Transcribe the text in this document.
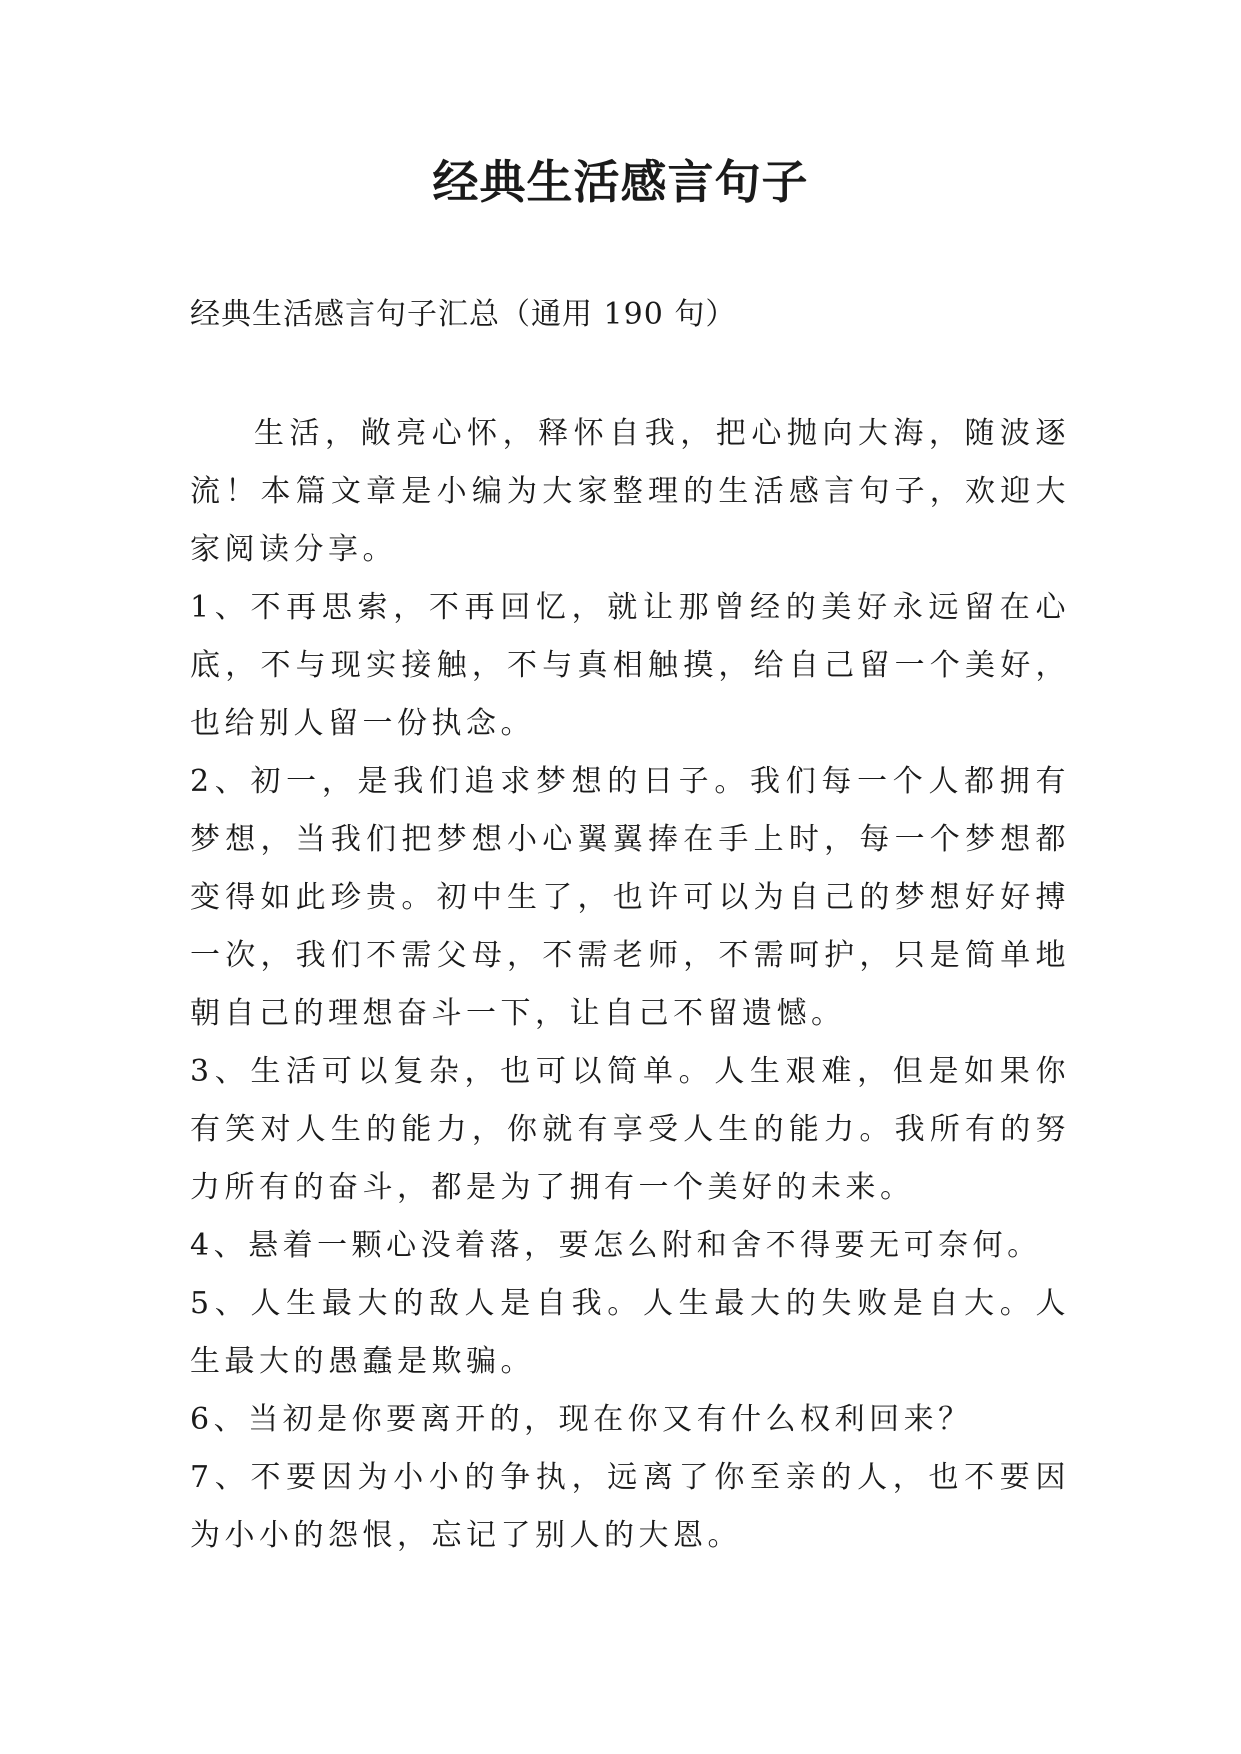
经典生活感言句子
经典生活感言句子汇总（通用 190 句）

生活，敞亮心怀，释怀自我，把心抛向大海，随波逐流！本篇文章是小编为大家整理的生活感言句子，欢迎大家阅读分享。

1、不再思索，不再回忆，就让那曾经的美好永远留在心底，不与现实接触，不与真相触摸，给自己留一个美好，也给别人留一份执念。

2、初一，是我们追求梦想的日子。我们每一个人都拥有梦想，当我们把梦想小心翼翼捧在手上时，每一个梦想都变得如此珍贵。初中生了，也许可以为自己的梦想好好搏一次，我们不需父母，不需老师，不需呵护，只是简单地朝自己的理想奋斗一下，让自己不留遗憾。

3、生活可以复杂，也可以简单。人生艰难，但是如果你有笑对人生的能力，你就有享受人生的能力。我所有的努力所有的奋斗，都是为了拥有一个美好的未来。

4、悬着一颗心没着落，要怎么附和舍不得要无可奈何。

5、人生最大的敌人是自我。人生最大的失败是自大。人生最大的愚蠢是欺骗。

6、当初是你要离开的，现在你又有什么权利回来？

7、不要因为小小的争执，远离了你至亲的人，也不要因为小小的怨恨，忘记了别人的大恩。
